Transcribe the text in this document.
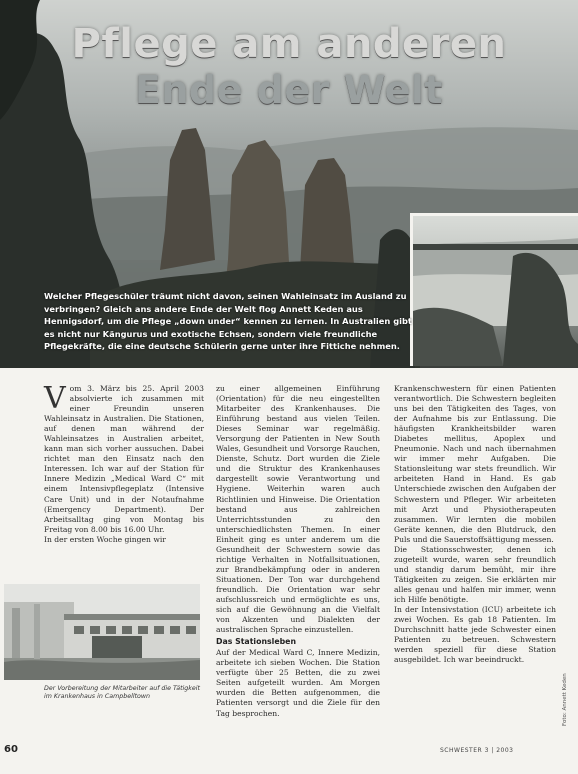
Pflege am anderen
Ende der Welt
Welcher Pflegeschüler träumt nicht davon, seinen Wahleinsatz im Ausland zu verbringen? Gleich ans andere Ende der Welt flog Annett Keden aus Hennigsdorf, um die Pflege „down under“ kennen zu lernen. In Australien gibt es nicht nur Kängurus und exotische Echsen, sondern viele freundliche Pflegekräfte, die eine deutsche Schülerin gerne unter ihre Fittiche nehmen.
V om 3. März bis 25. April 2003 absolvierte ich zusammen mit einer Freundin unseren Wahleinsatz in Australien. Die Stationen, auf denen man während der Wahleinsatzes in Australien arbeitet, kann man sich vorher aussuchen. Dabei richtet man den Einsatz nach den Interessen. Ich war auf der Station für Innere Medizin „Medical Ward C“ mit einem Intensivpflegeplatz (Intensive Care Unit) und in der Notaufnahme (Emergency Department). Der Arbeitsalltag ging von Montag bis Freitag von 8.00 bis 16.00 Uhr.

In der ersten Woche gingen wir

zu einer allgemeinen Einführung (Orientation) für die neu eingestellten Mitarbeiter des Krankenhauses. Die Einführung bestand aus vielen Teilen. Dieses Seminar war regelmäßig. Versorgung der Patienten in New South Wales, Gesundheit und Vorsorge Rauchen, Dienste, Schutz. Dort wurden die Ziele und die Struktur des Krankenhauses dargestellt sowie Verantwortung und Hygiene. Weiterhin waren auch Richtlinien und Hinweise. Die Orientation bestand aus zahlreichen Unterrichtsstunden zu den unterschiedlichsten Themen. In einer Einheit ging es unter anderem um die Gesundheit der Schwestern sowie das richtige Verhalten in Notfallsituationen, zur Brandbekämpfung oder in anderen Situationen. Der Ton war durchgehend freundlich. Die Orientation war sehr aufschlussreich und ermöglichte es uns, sich auf die Gewöhnung an die Vielfalt von Akzenten und Dialekten der australischen Sprache einzustellen.

Das Stationsleben

Auf der Medical Ward C, Innere Medizin, arbeitete ich sieben Wochen. Die Station verfügte über 25 Betten, die zu zwei Seiten aufgeteilt wurden. Am Morgen wurden die Betten aufgenommen, die Patienten versorgt und die Ziele für den Tag besprochen.

Krankenschwestern für einen Patienten verantwortlich. Die Schwestern begleiten uns bei den Tätigkeiten des Tages, von der Aufnahme bis zur Entlassung. Die häufigsten Krankheitsbilder waren Diabetes mellitus, Apoplex und Pneumonie. Nach und nach übernahmen wir immer mehr Aufgaben. Die Stationsleitung war stets freundlich. Wir arbeiteten Hand in Hand. Es gab Unterschiede zwischen den Aufgaben der Schwestern und Pfleger. Wir arbeiteten mit Arzt und Physiotherapeuten zusammen. Wir lernten die mobilen Geräte kennen, die den Blutdruck, den Puls und die Sauerstoffsättigung messen.

Die Stationsschwester, denen ich zugeteilt wurde, waren sehr freundlich und standig darum bemüht, mir ihre Tätigkeiten zu zeigen. Sie erklärten mir alles genau und halfen mir immer, wenn ich Hilfe benötigte.

In der Intensivstation (ICU) arbeitete ich zwei Wochen. Es gab 18 Patienten. Im Durchschnitt hatte jede Schwester einen Patienten zu betreuen. Schwestern werden speziell für diese Station ausgebildet. Ich war beeindruckt.

Der Vorbereitung der Mitarbeiter auf die Tätigkeit im Krankenhaus in Campbelltown	Foto: Annett Keden
60	SCHWESTER 3 | 2003
